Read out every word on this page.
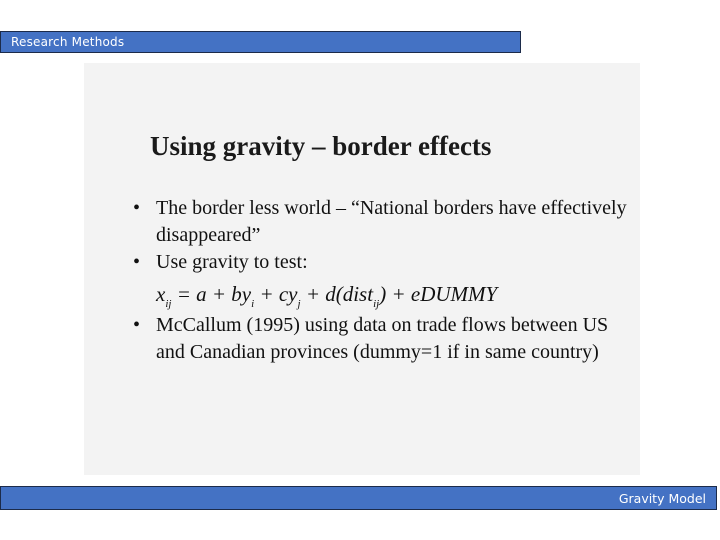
Research Methods
Using gravity – border effects
• The border less world – “National borders have effectively disappeared”
• Use gravity to test:
$x_{ij} = a + by_i + cy_j$ + d(dist$_{ij}$) + eDUMMY
• McCallum (1995) using data on trade flows between US and Canadian provinces (dummy=1 if in same country)
Gravity Model
